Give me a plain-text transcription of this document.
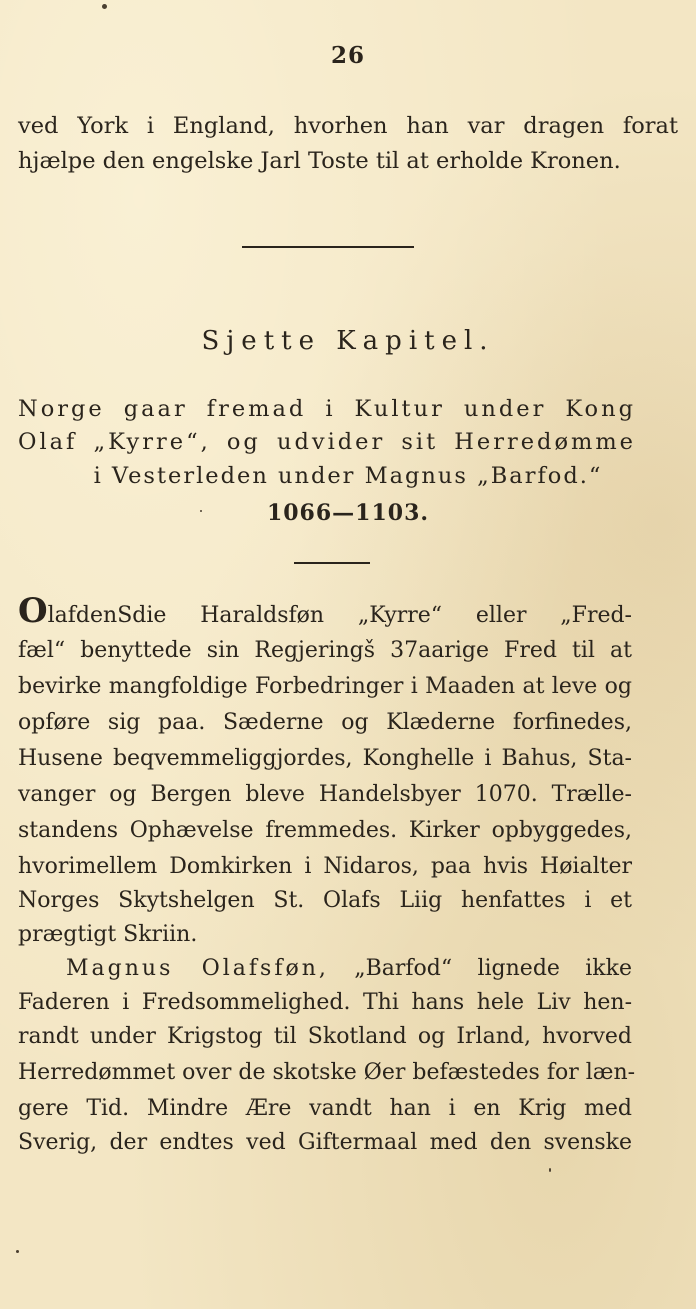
26
ved York i England, hvorhen han var dragen forat
hjælpe den engelske Jarl Toste til at erholde Kronen.
Sjette Kapitel.
Norge gaar fremad i Kultur under Kong
Olaf „Kyrre“, og udvider sit Herredømme
i Vesterleden under Magnus „Barfod.“
1066—1103.
OlafdenSdie Haraldsføn „Kyrre“ eller „Fred-
fæl“ benyttede sin Regjeringš 37aarige Fred til at
bevirke mangfoldige Forbedringer i Maaden at leve og
opføre sig paa. Sæderne og Klæderne forfinedes,
Husene beqvemmeliggjordes, Konghelle i Bahus, Sta-
vanger og Bergen bleve Handelsbyer 1070. Trælle-
standens Ophævelse fremmedes. Kirker opbyggedes,
hvorimellem Domkirken i Nidaros, paa hvis Høialter
Norges Skytshelgen St. Olafs Liig henfattes i et
prægtigt Skriin.
Magnus Olafsføn, „Barfod“ lignede ikke
Faderen i Fredsommelighed. Thi hans hele Liv hen-
randt under Krigstog til Skotland og Irland, hvorved
Herredømmet over de skotske Øer befæstedes for læn-
gere Tid. Mindre Ære vandt han i en Krig med
Sverig, der endtes ved Giftermaal med den svenske
